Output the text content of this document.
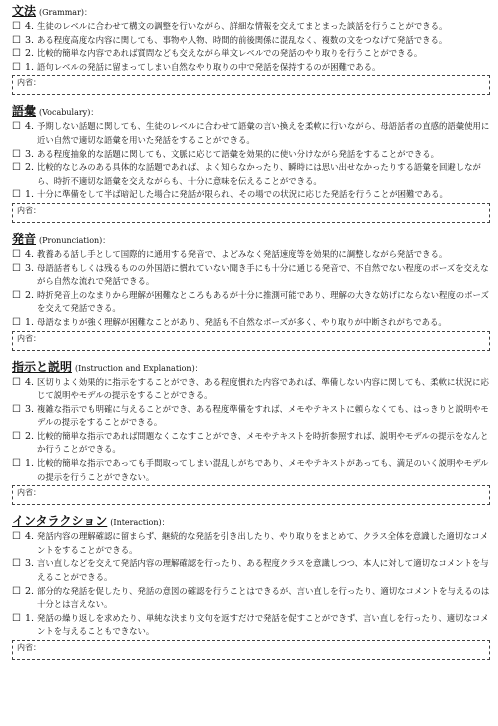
文法 (Grammar)：
☐ 4. 生徒のレベルに合わせて構文の調整を行いながら、詳細な情報を交えてまとまった談話を行うことができる。
☐ 3. ある程度高度な内容に関しても、事物や人物、時間的前後関係に混乱なく、複数の文をつなげて発話できる。
☐ 2. 比較的簡単な内容であれば質問なども交えながら単文レベルでの発話のやり取りを行うことができる。
☐ 1. 語句レベルの発話に留まってしまい自然なやり取りの中で発話を保持するのが困難である。
内省：
語彙 (Vocabulary)：
☐ 4. 予期しない話題に関しても、生徒のレベルに合わせて語彙の言い換えを柔軟に行いながら、母語話者の直感的語彙使用に近い自然で適切な語彙を用いた発話をすることができる。
☐ 3. ある程度抽象的な話題に関しても、文脈に応じて語彙を効果的に使い分けながら発話をすることができる。
☐ 2. 比較的なじみのある具体的な話題であれば、よく知らなかったり、瞬時には思い出せなかったりする語彙を回避しながら、時折不適切な語彙を交えながらも、十分に意味を伝えることができる。
☐ 1. 十分に準備をして半ば暗記した場合に発話が限られ、その場での状況に応じた発話を行うことが困難である。
内省：
発音 (Pronunciation)：
☐ 4. 教養ある話し手として国際的に通用する発音で、よどみなく発話速度等を効果的に調整しながら発話できる。
☐ 3. 母語話者もしくは残るものの外国語に慣れていない聞き手にも十分に通じる発音で、不自然でない程度のポーズを交えながら自然な流れで発話できる。
☐ 2. 時折発音上のなまりから理解が困難なところもあるが十分に推測可能であり、理解の大きな妨げにならない程度のポーズを交えて発話できる。
☐ 1. 母語なまりが強く理解が困難なことがあり、発話も不自然なポーズが多く、やり取りが中断されがちである。
内省：
指示と説明 (Instruction and Explanation)：
☐ 4. 区切りよく効果的に指示をすることができ、ある程度慣れた内容であれば、準備しない内容に関しても、柔軟に状況に応じて説明やモデルの提示をすることができる。
☐ 3. 複雑な指示でも明確に与えることができ、ある程度準備をすれば、メモやテキストに頼らなくても、はっきりと説明やモデルの提示をすることができる。
☐ 2. 比較的簡単な指示であれば問題なくこなすことができ、メモやテキストを時折参照すれば、説明やモデルの提示をなんとか行うことができる。
☐ 1. 比較的簡単な指示であっても手間取ってしまい混乱しがちであり、メモやテキストがあっても、満足のいく説明やモデルの提示を行うことができない。
内省：
インタラクション (Interaction)：
☐ 4. 発話内容の理解確認に留まらず、継続的な発話を引き出したり、やり取りをまとめて、クラス全体を意識した適切なコメントをすることができる。
☐ 3. 言い直しなどを交えて発話内容の理解確認を行ったり、ある程度クラスを意識しつつ、本人に対して適切なコメントを与えることができる。
☐ 2. 部分的な発話を促したり、発話の意図の確認を行うことはできるが、言い直しを行ったり、適切なコメントを与えるのは十分とは言えない。
☐ 1. 発話の繰り返しを求めたり、単純な決まり文句を返すだけで発話を促すことができず、言い直しを行ったり、適切なコメントを与えることもできない。
内省：
